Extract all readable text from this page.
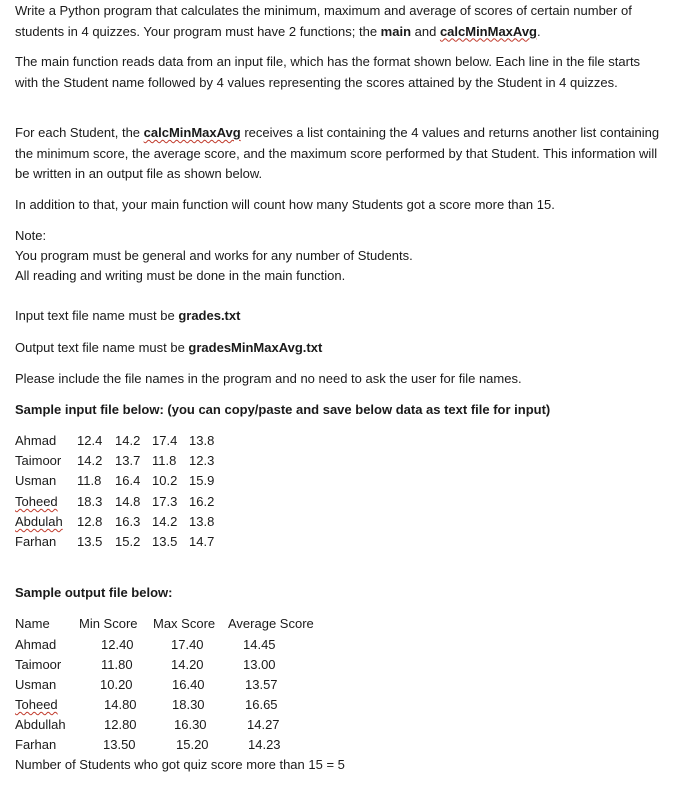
Write a Python program that calculates the minimum, maximum and average of scores of certain number of students in 4 quizzes. Your program must have 2 functions; the main and calcMinMaxAvg.

The main function reads data from an input file, which has the format shown below. Each line in the file starts with the Student name followed by 4 values representing the scores attained by the Student in 4 quizzes.

For each Student, the calcMinMaxAvg receives a list containing the 4 values and returns another list containing the minimum score, the average score, and the maximum score performed by that Student. This information will be written in an output file as shown below.

In addition to that, your main function will count how many Students got a score more than 15.

Note:

You program must be general and works for any number of Students.

All reading and writing must be done in the main function.

Input text file name must be grades.txt

Output text file name must be gradesMinMaxAvg.txt

Please include the file names in the program and no need to ask the user for file names.

Sample input file below: (you can copy/paste and save below data as text file for input)

Ahmad 12.4 14.2 17.4 13.8
Taimoor 14.2 13.7 11.8 12.3
Usman 11.8 16.4 10.2 15.9
Toheed 18.3 14.8 17.3 16.2
Abdulah 12.8 16.3 14.2 13.8
Farhan 13.5 15.2 13.5 14.7

Sample output file below:

Name Min Score Max Score Average Score
Ahmad	12.40	17.40	14.45
Taimoor	11.80	14.20	13.00
Usman	10.20	16.40	13.57
Toheed	14.80	18.30	16.65
Abdullah	12.80	16.30	14.27
Farhan	13.50	15.20	14.23
Number of Students who got quiz score more than 15 = 5
